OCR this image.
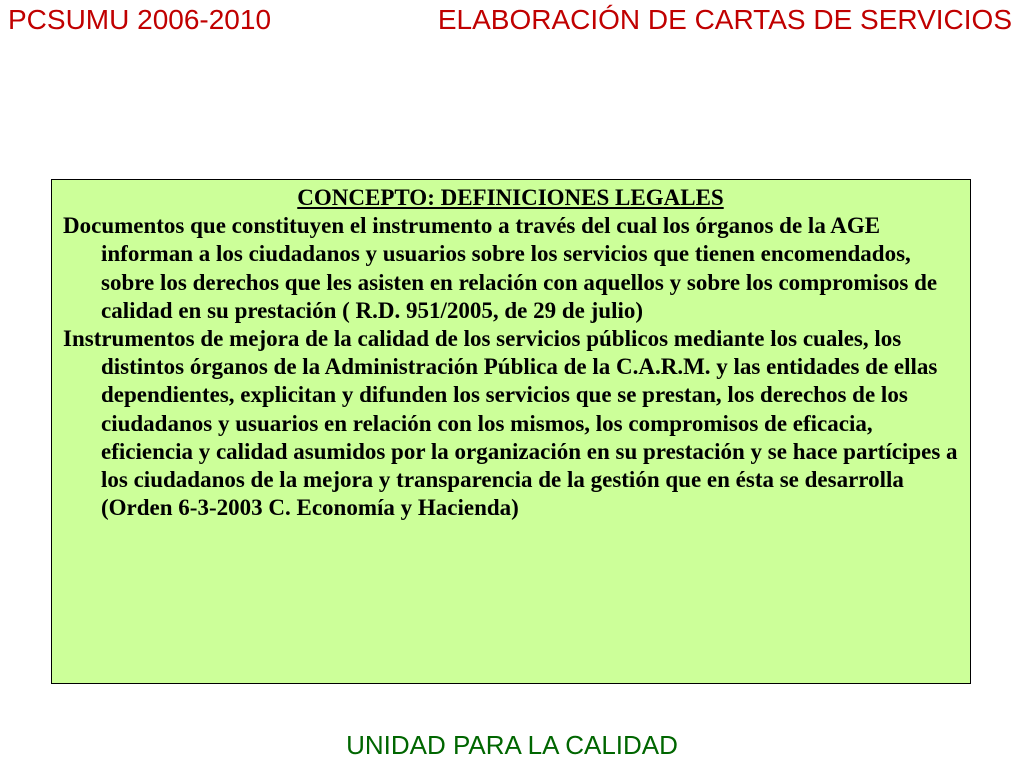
PCSUMU 2006-2010	ELABORACIÓN DE CARTAS DE SERVICIOS
CONCEPTO: DEFINICIONES LEGALES

Documentos que constituyen el instrumento a través del cual los órganos de la AGE informan a los ciudadanos y usuarios sobre los servicios que tienen encomendados, sobre los derechos que les asisten en relación con aquellos y sobre los compromisos de calidad en su prestación ( R.D. 951/2005, de 29 de julio)

Instrumentos de mejora de la calidad de los servicios públicos mediante los cuales, los distintos órganos de la Administración Pública de la C.A.R.M. y las entidades de ellas dependientes, explicitan y difunden los servicios que se prestan, los derechos de los ciudadanos y usuarios en relación con los mismos, los compromisos de eficacia, eficiencia y calidad asumidos por la organización en su prestación y se hace partícipes a los ciudadanos de la mejora y transparencia de la gestión que en ésta se desarrolla (Orden 6-3-2003 C. Economía y Hacienda)

UNIDAD PARA LA CALIDAD
